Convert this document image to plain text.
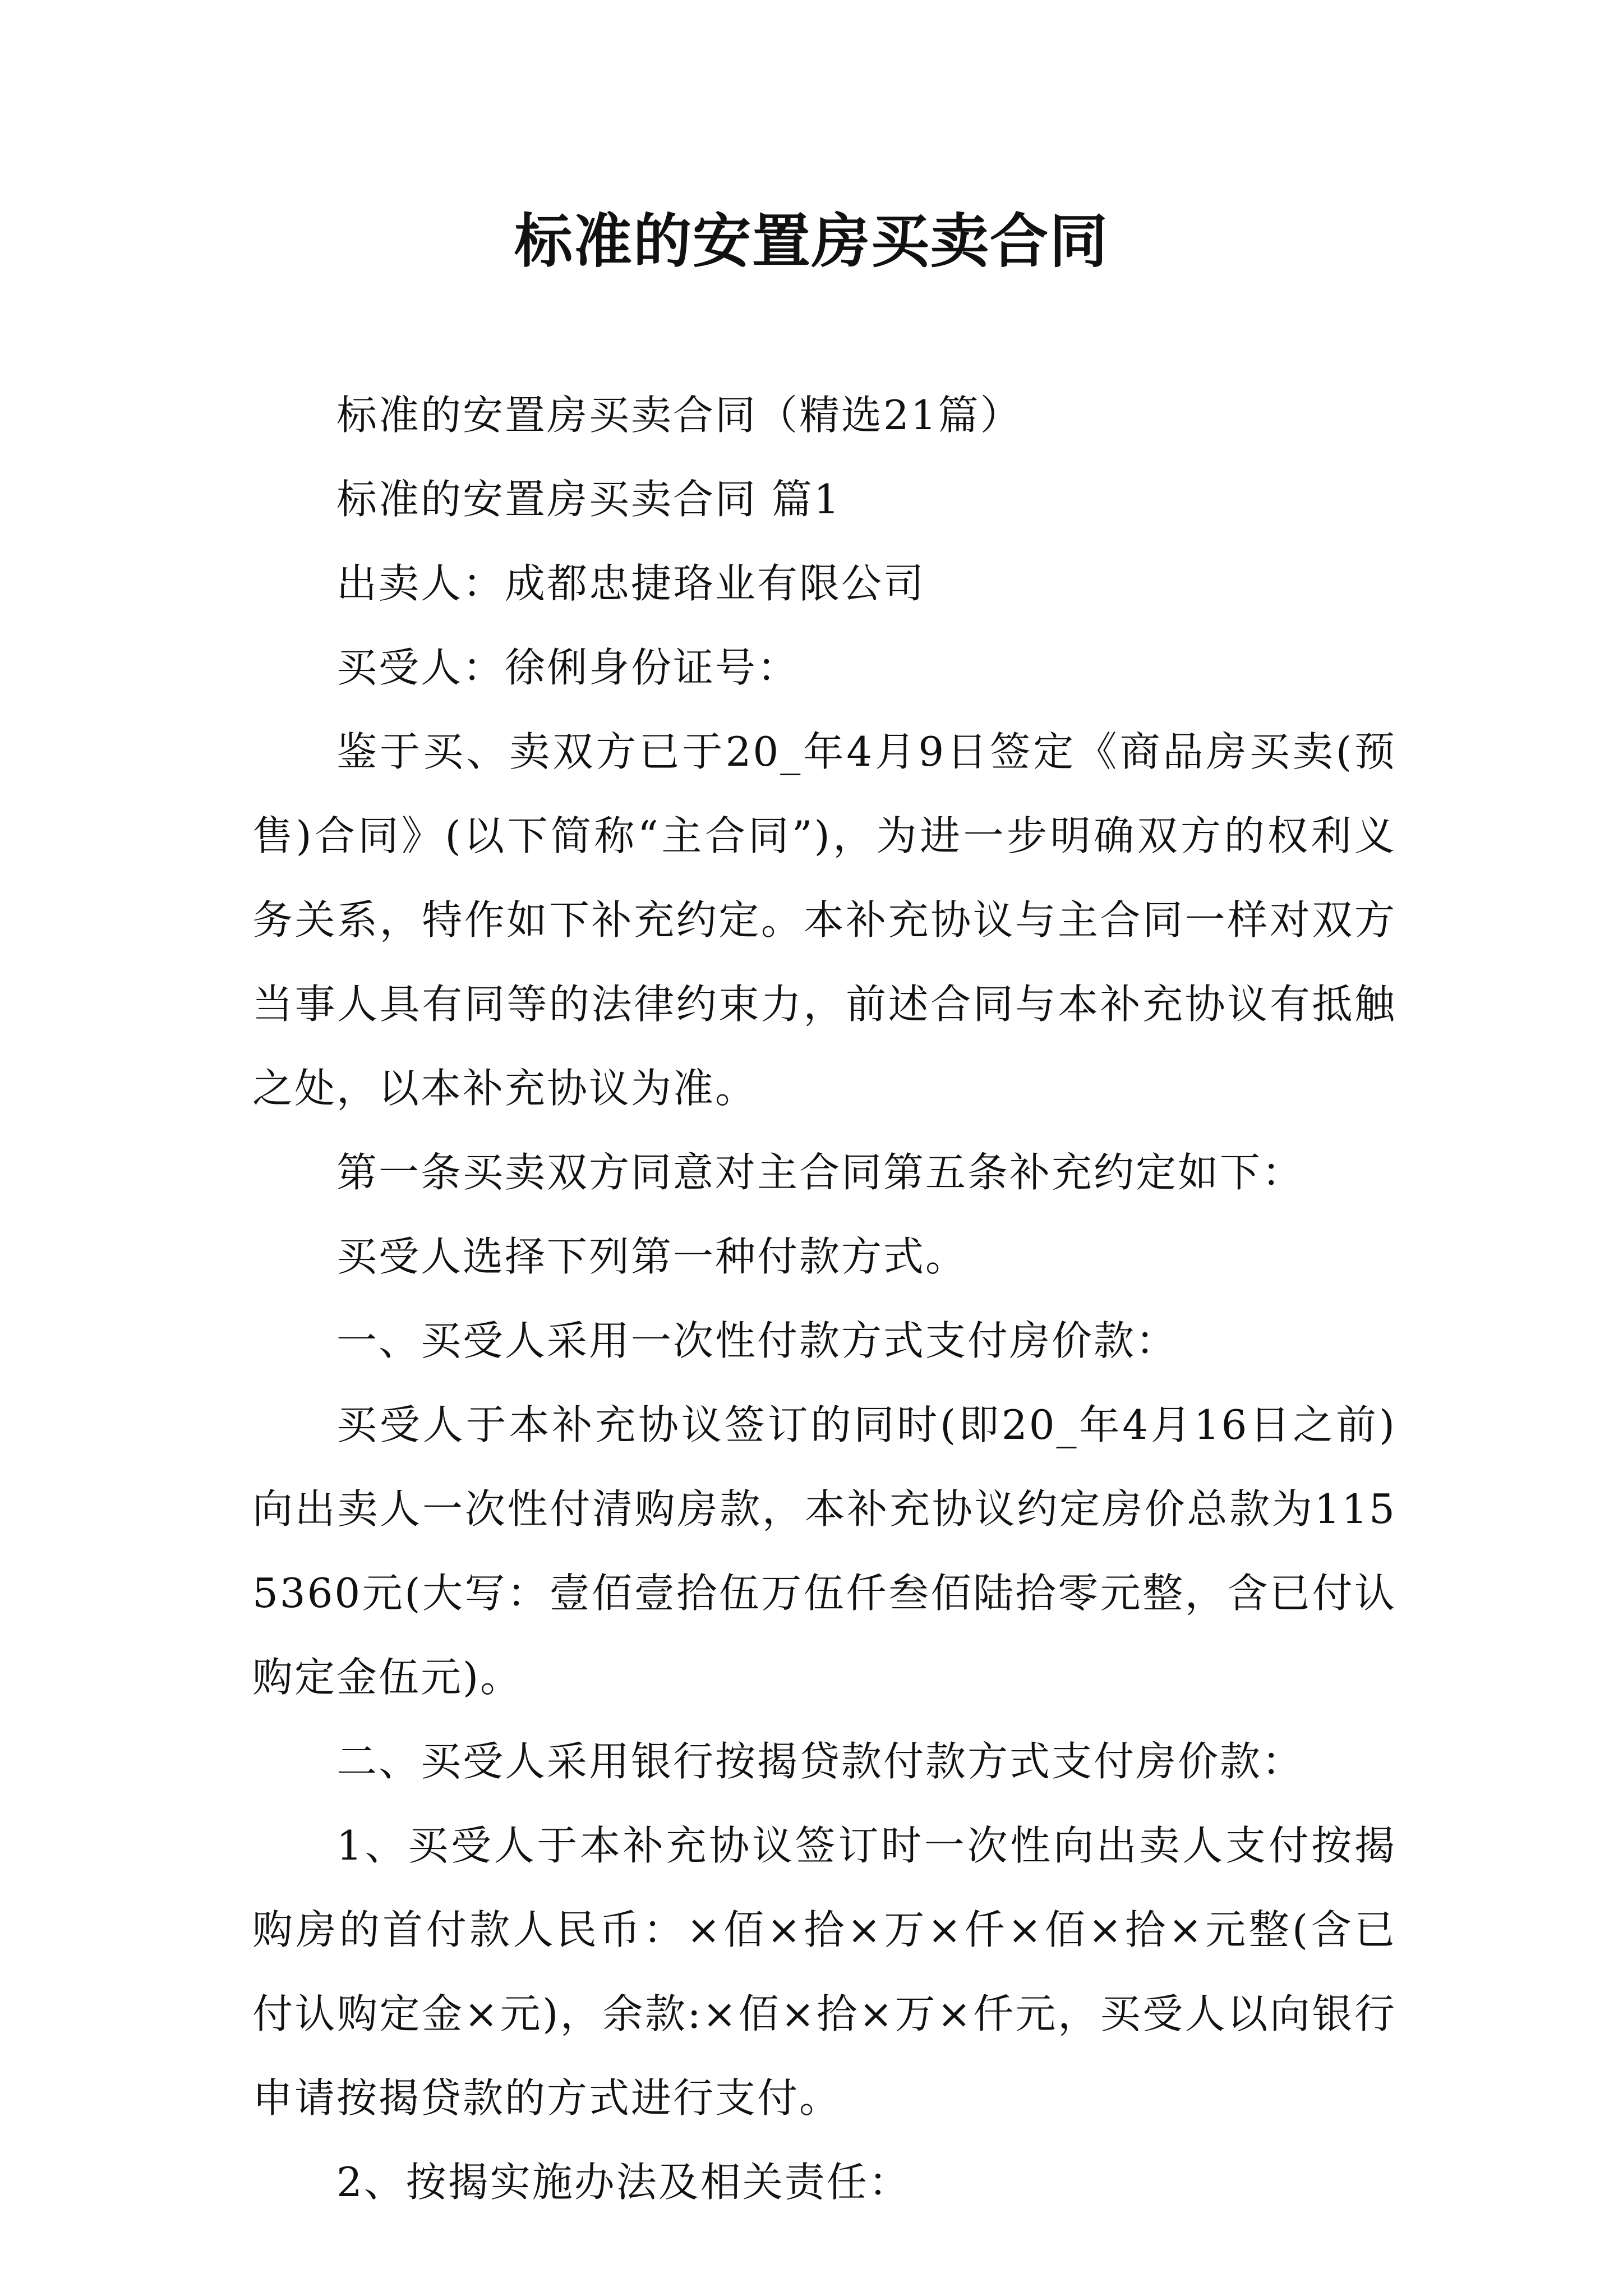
标准的安置房买卖合同

标准的安置房买卖合同（精选21篇）

标准的安置房买卖合同 篇1

出卖人：成都忠捷珞业有限公司

买受人：徐俐身份证号：

鉴于买、卖双方已于20_年4月9日签定《商品房买卖(预售)合同》(以下简称“主合同”)，为进一步明确双方的权利义务关系，特作如下补充约定。本补充协议与主合同一样对双方当事人具有同等的法律约束力，前述合同与本补充协议有抵触之处，以本补充协议为准。

第一条买卖双方同意对主合同第五条补充约定如下：

买受人选择下列第一种付款方式。

一、买受人采用一次性付款方式支付房价款：

买受人于本补充协议签订的同时(即20_年4月16日之前)向出卖人一次性付清购房款，本补充协议约定房价总款为1155360元(大写：壹佰壹拾伍万伍仟叁佰陆拾零元整，含已付认购定金伍元)。

二、买受人采用银行按揭贷款付款方式支付房价款：

1、买受人于本补充协议签订时一次性向出卖人支付按揭购房的首付款人民币：×佰×拾×万×仟×佰×拾×元整(含已付认购定金×元)，余款:×佰×拾×万×仟元，买受人以向银行申请按揭贷款的方式进行支付。

2、按揭实施办法及相关责任：
